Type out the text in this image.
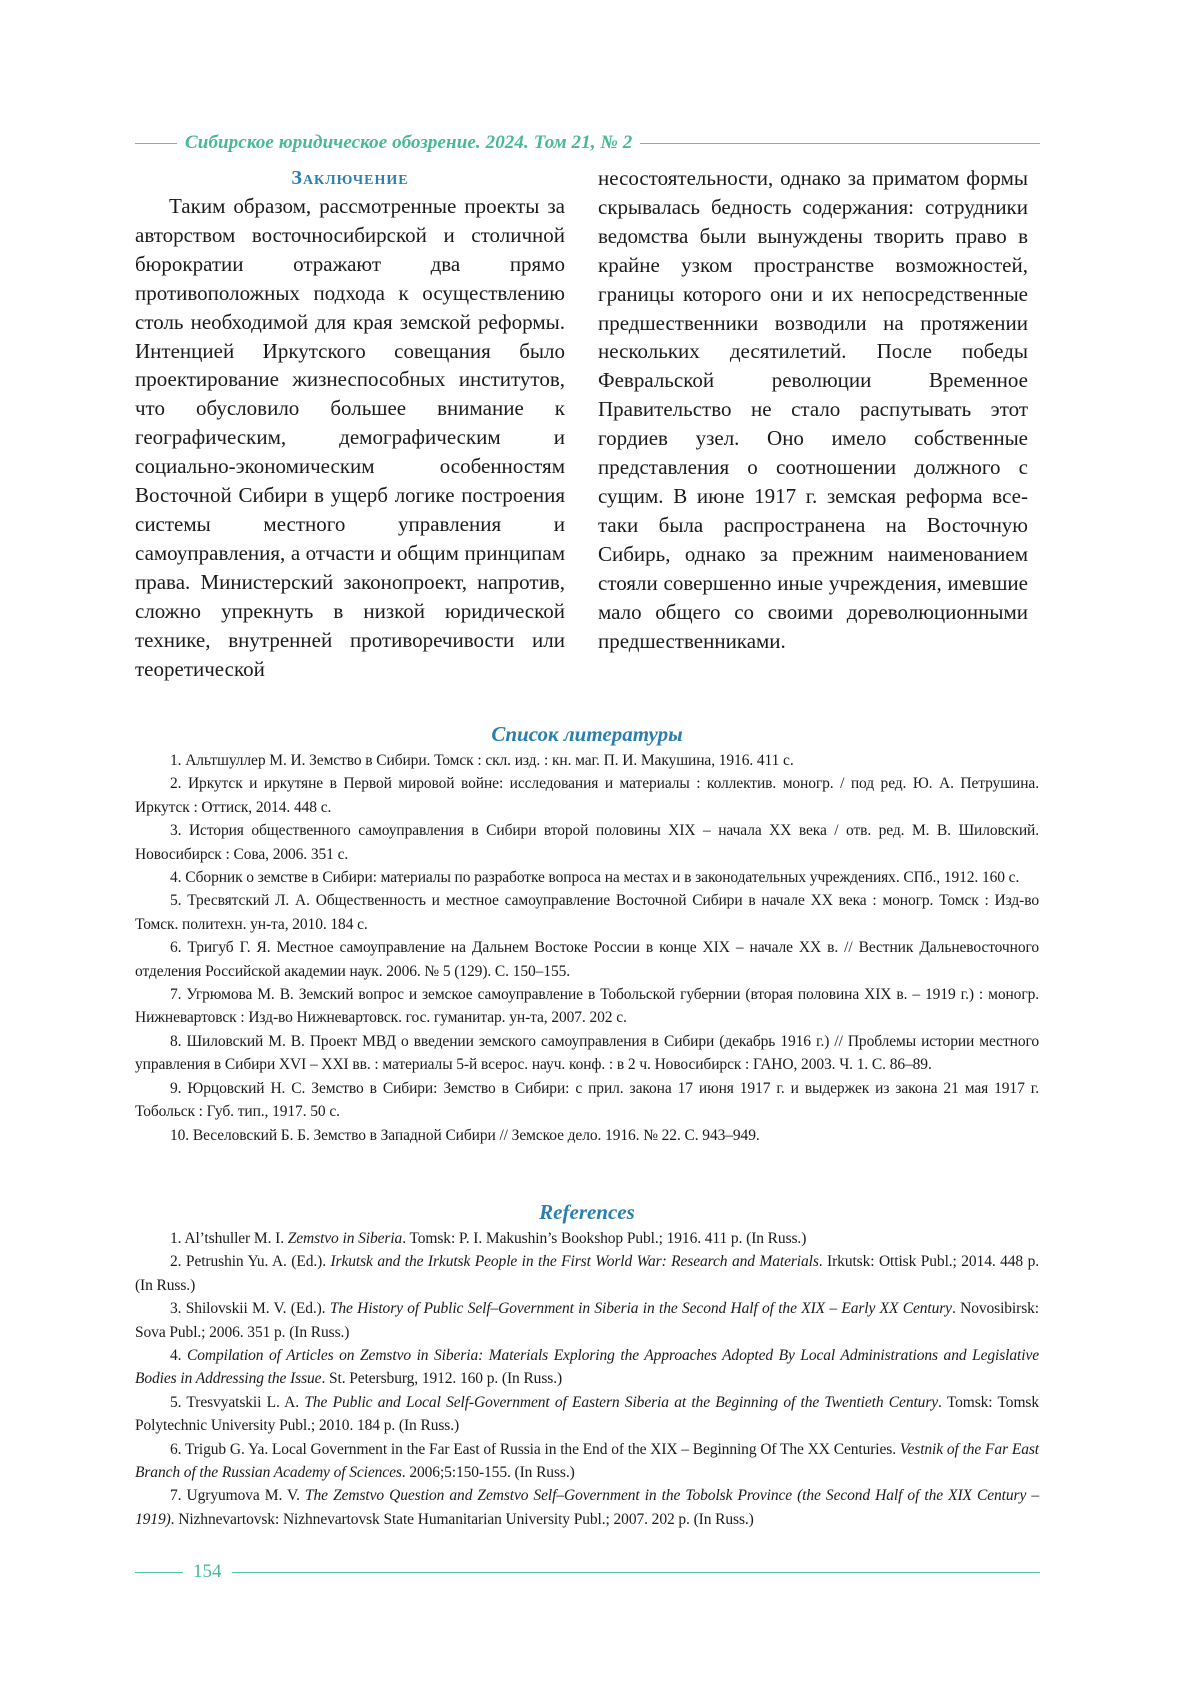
Сибирское юридическое обозрение. 2024. Том 21, № 2
Заключение

Таким образом, рассмотренные проекты за авторством восточносибирской и столичной бюрократии отражают два прямо противоположных подхода к осуществлению столь необходимой для края земской реформы. Интенцией Иркутского совещания было проектирование жизнеспособных институтов, что обусловило большее внимание к географическим, демографическим и социально-экономическим особенностям Восточной Сибири в ущерб логике построения системы местного управления и самоуправления, а отчасти и общим принципам права. Министерский законопроект, напротив, сложно упрекнуть в низкой юридической технике, внутренней противоречивости или теоретической

несостоятельности, однако за приматом формы скрывалась бедность содержания: сотрудники ведомства были вынуждены творить право в крайне узком пространстве возможностей, границы которого они и их непосредственные предшественники возводили на протяжении нескольких десятилетий. После победы Февральской революции Временное Правительство не стало распутывать этот гордиев узел. Оно имело собственные представления о соотношении должного с сущим. В июне 1917 г. земская реформа все-таки была распространена на Восточную Сибирь, однако за прежним наименованием стояли совершенно иные учреждения, имевшие мало общего со своими дореволюционными предшественниками.

Список литературы

1. Альтшуллер М. И. Земство в Сибири. Томск : скл. изд. : кн. маг. П. И. Макушина, 1916. 411 с.

2. Иркутск и иркутяне в Первой мировой войне: исследования и материалы : коллектив. моногр. / под ред. Ю. А. Петрушина. Иркутск : Оттиск, 2014. 448 с.

3. История общественного самоуправления в Сибири второй половины XIX – начала XX века / отв. ред. М. В. Шиловский. Новосибирск : Сова, 2006. 351 с.

4. Сборник о земстве в Сибири: материалы по разработке вопроса на местах и в законодательных учреждениях. СПб., 1912. 160 с.

5. Тресвятский Л. А. Общественность и местное самоуправление Восточной Сибири в начале XX века : моногр. Томск : Изд-во Томск. политехн. ун-та, 2010. 184 с.

6. Тригуб Г. Я. Местное самоуправление на Дальнем Востоке России в конце XIX – начале XX в. // Вестник Дальневосточного отделения Российской академии наук. 2006. № 5 (129). С. 150–155.

7. Угрюмова М. В. Земский вопрос и земское самоуправление в Тобольской губернии (вторая половина XIX в. – 1919 г.) : моногр. Нижневартовск : Изд-во Нижневартовск. гос. гуманитар. ун-та, 2007. 202 с.

8. Шиловский М. В. Проект МВД о введении земского самоуправления в Сибири (декабрь 1916 г.) // Проблемы истории местного управления в Сибири XVI – XXI вв. : материалы 5-й всерос. науч. конф. : в 2 ч. Новосибирск : ГАНО, 2003. Ч. 1. С. 86–89.

9. Юрцовский Н. С. Земство в Сибири: Земство в Сибири: с прил. закона 17 июня 1917 г. и выдержек из закона 21 мая 1917 г. Тобольск : Губ. тип., 1917. 50 с.

10. Веселовский Б. Б. Земство в Западной Сибири // Земское дело. 1916. № 22. С. 943–949.

References

1. Al’tshuller M. I. Zemstvo in Siberia. Tomsk: P. I. Makushin’s Bookshop Publ.; 1916. 411 p. (In Russ.)

2. Petrushin Yu. A. (Ed.). Irkutsk and the Irkutsk People in the First World War: Research and Materials. Irkutsk: Ottisk Publ.; 2014. 448 p. (In Russ.)

3. Shilovskii M. V. (Ed.). The History of Public Self–Government in Siberia in the Second Half of the XIX – Early XX Century. Novosibirsk: Sova Publ.; 2006. 351 p. (In Russ.)

4. Compilation of Articles on Zemstvo in Siberia: Materials Exploring the Approaches Adopted By Local Administrations and Legislative Bodies in Addressing the Issue. St. Petersburg, 1912. 160 p. (In Russ.)

5. Tresvyatskii L. A. The Public and Local Self-Government of Eastern Siberia at the Beginning of the Twentieth Century. Tomsk: Tomsk Polytechnic University Publ.; 2010. 184 p. (In Russ.)

6. Trigub G. Ya. Local Government in the Far East of Russia in the End of the XIX – Beginning Of The XX Centuries. Vestnik of the Far East Branch of the Russian Academy of Sciences. 2006;5:150-155. (In Russ.)

7. Ugryumova M. V. The Zemstvo Question and Zemstvo Self–Government in the Tobolsk Province (the Second Half of the XIX Century – 1919). Nizhnevartovsk: Nizhnevartovsk State Humanitarian University Publ.; 2007. 202 p. (In Russ.)

154
